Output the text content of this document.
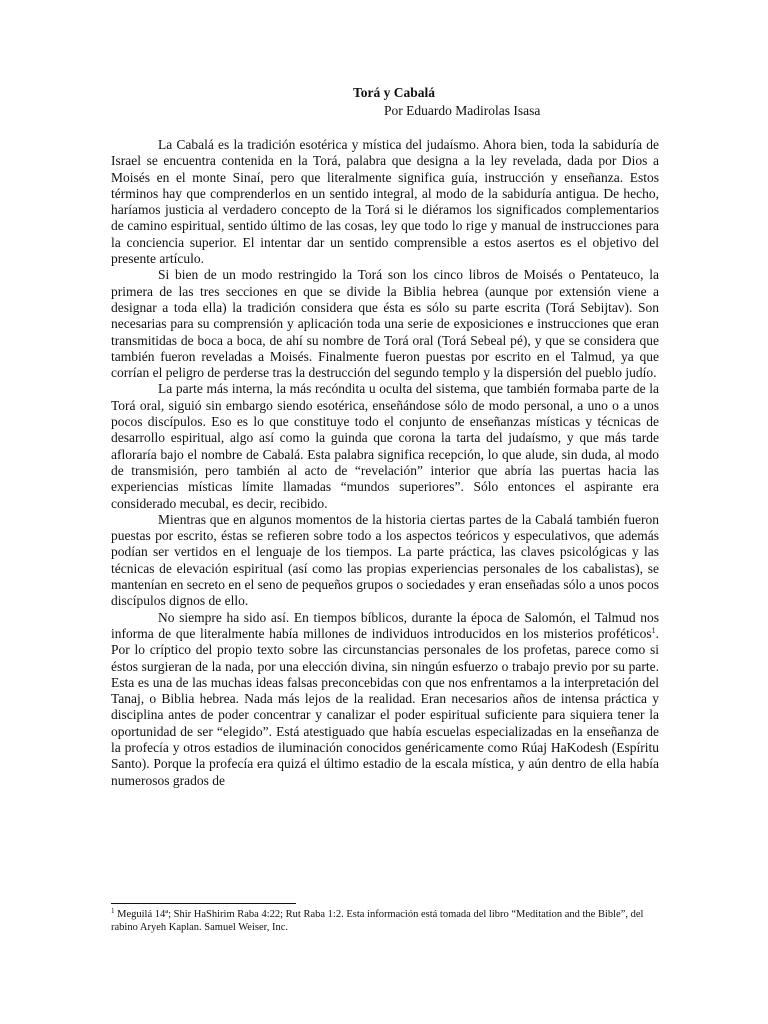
Torá y Cabalá
Por Eduardo Madirolas Isasa

La Cabalá es la tradición esotérica y mística del judaísmo. Ahora bien, toda la sabiduría de Israel se encuentra contenida en la Torá, palabra que designa a la ley revelada, dada por Dios a Moisés en el monte Sinaí, pero que literalmente significa guía, instrucción y enseñanza. Estos términos hay que comprenderlos en un sentido integral, al modo de la sabiduría antigua. De hecho, haríamos justicia al verdadero concepto de la Torá si le diéramos los significados complementarios de camino espiritual, sentido último de las cosas, ley que todo lo rige y manual de instrucciones para la conciencia superior. El intentar dar un sentido comprensible a estos asertos es el objetivo del presente artículo.

Si bien de un modo restringido la Torá son los cinco libros de Moisés o Pentateuco, la primera de las tres secciones en que se divide la Biblia hebrea (aunque por extensión viene a designar a toda ella) la tradición considera que ésta es sólo su parte escrita (Torá Sebijtav). Son necesarias para su comprensión y aplicación toda una serie de exposiciones e instrucciones que eran transmitidas de boca a boca, de ahí su nombre de Torá oral (Torá Sebeal pé), y que se considera que también fueron reveladas a Moisés. Finalmente fueron puestas por escrito en el Talmud, ya que corrían el peligro de perderse tras la destrucción del segundo templo y la dispersión del pueblo judío.

La parte más interna, la más recóndita u oculta del sistema, que también formaba parte de la Torá oral, siguió sin embargo siendo esotérica, enseñándose sólo de modo personal, a uno o a unos pocos discípulos. Eso es lo que constituye todo el conjunto de enseñanzas místicas y técnicas de desarrollo espiritual, algo así como la guinda que corona la tarta del judaísmo, y que más tarde afloraría bajo el nombre de Cabalá. Esta palabra significa recepción, lo que alude, sin duda, al modo de transmisión, pero también al acto de “revelación” interior que abría las puertas hacia las experiencias místicas límite llamadas “mundos superiores”. Sólo entonces el aspirante era considerado mecubal, es decir, recibido.

Mientras que en algunos momentos de la historia ciertas partes de la Cabalá también fueron puestas por escrito, éstas se refieren sobre todo a los aspectos teóricos y especulativos, que además podían ser vertidos en el lenguaje de los tiempos. La parte práctica, las claves psicológicas y las técnicas de elevación espiritual (así como las propias experiencias personales de los cabalistas), se mantenían en secreto en el seno de pequeños grupos o sociedades y eran enseñadas sólo a unos pocos discípulos dignos de ello.

No siempre ha sido así. En tiempos bíblicos, durante la época de Salomón, el Talmud nos informa de que literalmente había millones de individuos introducidos en los misterios proféticos$^1$. Por lo críptico del propio texto sobre las circunstancias personales de los profetas, parece como si éstos surgieran de la nada, por una elección divina, sin ningún esfuerzo o trabajo previo por su parte. Esta es una de las muchas ideas falsas preconcebidas con que nos enfrentamos a la interpretación del Tanaj, o Biblia hebrea. Nada más lejos de la realidad. Eran necesarios años de intensa práctica y disciplina antes de poder concentrar y canalizar el poder espiritual suficiente para siquiera tener la oportunidad de ser “elegido”. Está atestiguado que había escuelas especializadas en la enseñanza de la profecía y otros estadios de iluminación conocidos genéricamente como Rúaj HaKodesh (Espíritu Santo). Porque la profecía era quizá el último estadio de la escala mística, y aún dentro de ella había numerosos grados de

$^1$ Meguilá 14ª; Shir HaShirim Raba 4:22; Rut Raba 1:2. Esta información está tomada del libro “Meditation and the Bible”, del rabino Aryeh Kaplan. Samuel Weiser, Inc.
